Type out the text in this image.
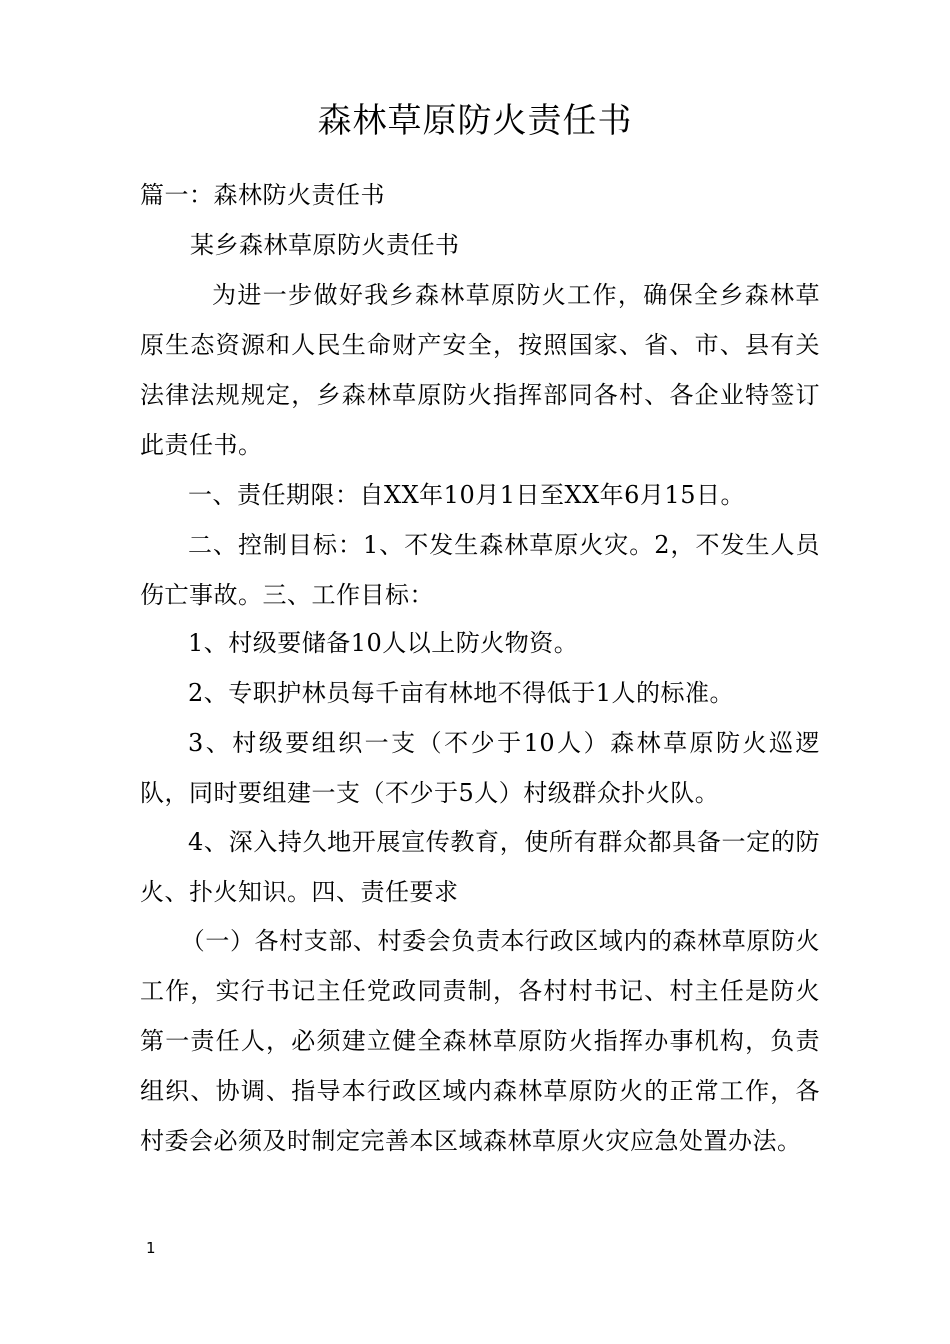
森林草原防火责任书
篇一：森林防火责任书
某乡森林草原防火责任书
为进一步做好我乡森林草原防火工作，确保全乡森林草原生态资源和人民生命财产安全，按照国家、省、市、县有关法律法规规定，乡森林草原防火指挥部同各村、各企业特签订此责任书。
一、责任期限：自XX年10月1日至XX年6月15日。
二、控制目标：1、不发生森林草原火灾。2，不发生人员伤亡事故。三、工作目标：
1、村级要储备10人以上防火物资。
2、专职护林员每千亩有林地不得低于1人的标准。
3、村级要组织一支（不少于10人）森林草原防火巡逻队，同时要组建一支（不少于5人）村级群众扑火队。
4、深入持久地开展宣传教育，使所有群众都具备一定的防火、扑火知识。四、责任要求
（一）各村支部、村委会负责本行政区域内的森林草原防火工作，实行书记主任党政同责制，各村村书记、村主任是防火第一责任人，必须建立健全森林草原防火指挥办事机构，负责组织、协调、指导本行政区域内森林草原防火的正常工作，各村委会必须及时制定完善本区域森林草原火灾应急处置办法。
1
